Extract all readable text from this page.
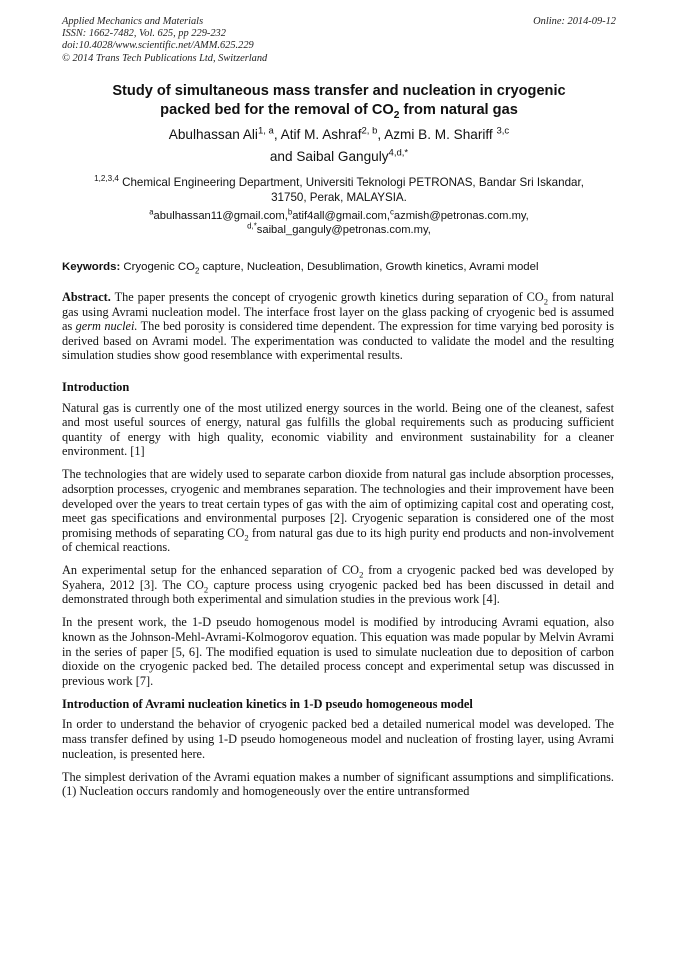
Applied Mechanics and Materials	Online: 2014-09-12
ISSN: 1662-7482, Vol. 625, pp 229-232
doi:10.4028/www.scientific.net/AMM.625.229
© 2014 Trans Tech Publications Ltd, Switzerland
Study of simultaneous mass transfer and nucleation in cryogenic
packed bed for the removal of $CO_2$ from natural gas
Abulhassan Ali$^{1, a}$, Atif M. Ashraf$^{2, b}$, Azmi B. M. Shariff $^{3,c}$
and Saibal Ganguly$^{4,d,*}$
$^{1,2,3,4}$ Chemical Engineering Department, Universiti Teknologi PETRONAS, Bandar Sri Iskandar,
31750, Perak, MALAYSIA.
$^a$abulhassan11@gmail.com,$^b$atif4all@gmail.com,$^c$azmish@petronas.com.my,
$^{d,*}$saibal_ganguly@petronas.com.my,
Keywords: Cryogenic $CO_2$ capture, Nucleation, Desublimation, Growth kinetics, Avrami model

Abstract. The paper presents the concept of cryogenic growth kinetics during separation of $CO_2$ from natural gas using Avrami nucleation model. The interface frost layer on the glass packing of cryogenic bed is assumed as germ nuclei. The bed porosity is considered time dependent. The expression for time varying bed porosity is derived based on Avrami model. The experimentation was conducted to validate the model and the resulting simulation studies show good resemblance with experimental results.

Introduction

Natural gas is currently one of the most utilized energy sources in the world. Being one of the cleanest, safest and most useful sources of energy, natural gas fulfills the global requirements such as producing sufficient quantity of energy with high quality, economic viability and environment sustainability for a cleaner environment. [1]

The technologies that are widely used to separate carbon dioxide from natural gas include absorption processes, adsorption processes, cryogenic and membranes separation. The technologies and their improvement have been developed over the years to treat certain types of gas with the aim of optimizing capital cost and operating cost, meet gas specifications and environmental purposes [2]. Cryogenic separation is considered one of the most promising methods of separating $CO_2$ from natural gas due to its high purity end products and non-involvement of chemical reactions.

An experimental setup for the enhanced separation of $CO_2$ from a cryogenic packed bed was developed by Syahera, 2012 [3]. The $CO_2$ capture process using cryogenic packed bed has been discussed in detail and demonstrated through both experimental and simulation studies in the previous work [4].

In the present work, the 1-D pseudo homogenous model is modified by introducing Avrami equation, also known as the Johnson-Mehl-Avrami-Kolmogorov equation. This equation was made popular by Melvin Avrami in the series of paper [5, 6]. The modified equation is used to simulate nucleation due to deposition of carbon dioxide on the cryogenic packed bed. The detailed process concept and experimental setup was discussed in previous work [7].

Introduction of Avrami nucleation kinetics in 1-D pseudo homogeneous model

In order to understand the behavior of cryogenic packed bed a detailed numerical model was developed. The mass transfer defined by using 1-D pseudo homogeneous model and nucleation of frosting layer, using Avrami nucleation, is presented here.

The simplest derivation of the Avrami equation makes a number of significant assumptions and simplifications. (1) Nucleation occurs randomly and homogeneously over the entire untransformed
